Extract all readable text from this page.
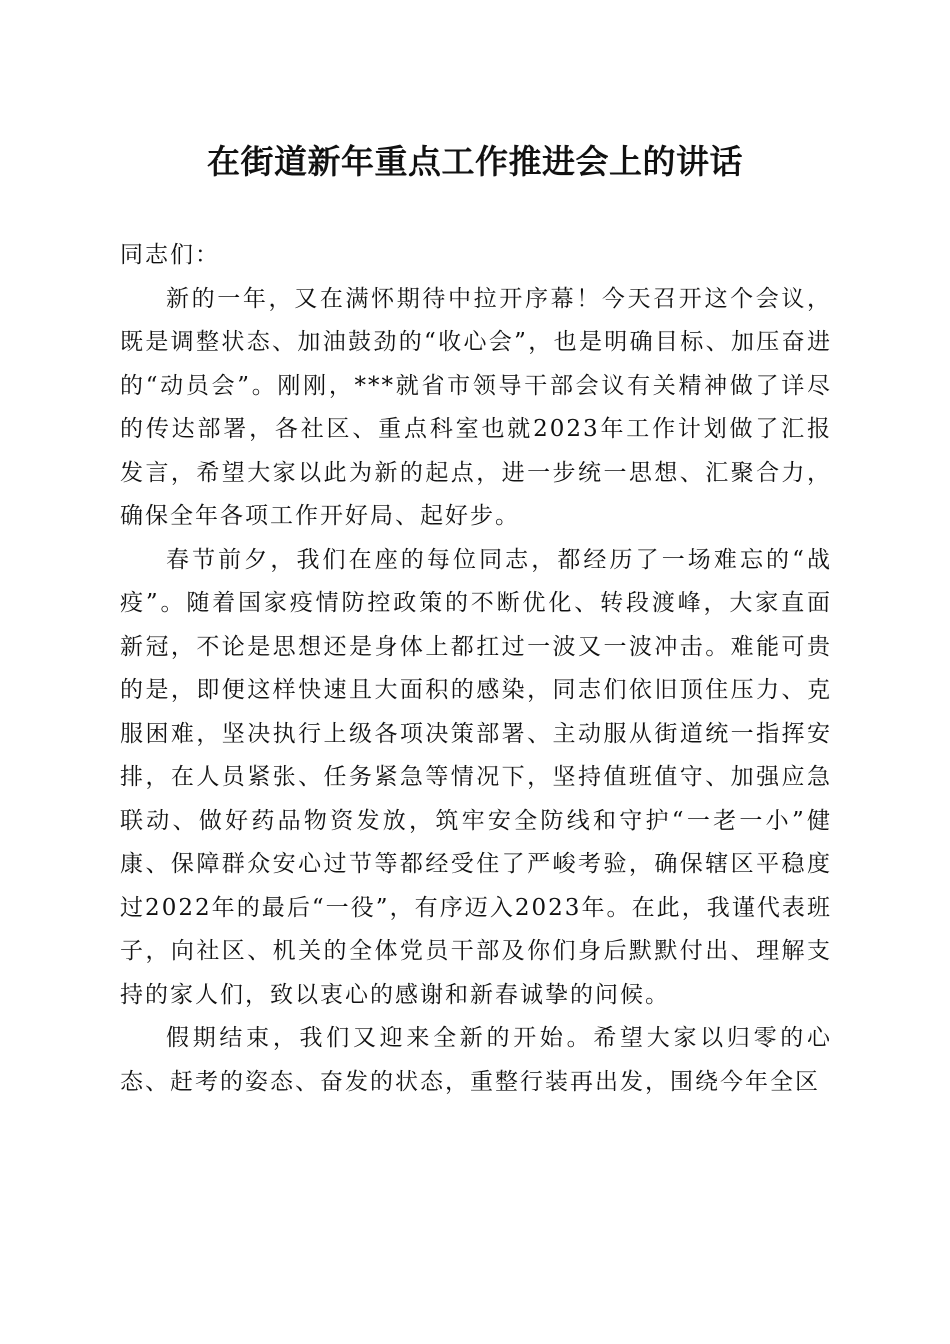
在街道新年重点工作推进会上的讲话

同志们：

新的一年，又在满怀期待中拉开序幕！今天召开这个会议，既是调整状态、加油鼓劲的“收心会”，也是明确目标、加压奋进的“动员会”。刚刚，***就省市领导干部会议有关精神做了详尽的传达部署，各社区、重点科室也就2023年工作计划做了汇报发言，希望大家以此为新的起点，进一步统一思想、汇聚合力，确保全年各项工作开好局、起好步。

春节前夕，我们在座的每位同志，都经历了一场难忘的“战疫”。随着国家疫情防控政策的不断优化、转段渡峰，大家直面新冠，不论是思想还是身体上都扛过一波又一波冲击。难能可贵的是，即便这样快速且大面积的感染，同志们依旧顶住压力、克服困难，坚决执行上级各项决策部署、主动服从街道统一指挥安排，在人员紧张、任务紧急等情况下，坚持值班值守、加强应急联动、做好药品物资发放，筑牢安全防线和守护“一老一小”健康、保障群众安心过节等都经受住了严峻考验，确保辖区平稳度过2022年的最后“一役”，有序迈入2023年。在此，我谨代表班子，向社区、机关的全体党员干部及你们身后默默付出、理解支持的家人们，致以衷心的感谢和新春诚挚的问候。

假期结束，我们又迎来全新的开始。希望大家以归零的心态、赶考的姿态、奋发的状态，重整行装再出发，围绕今年全区
